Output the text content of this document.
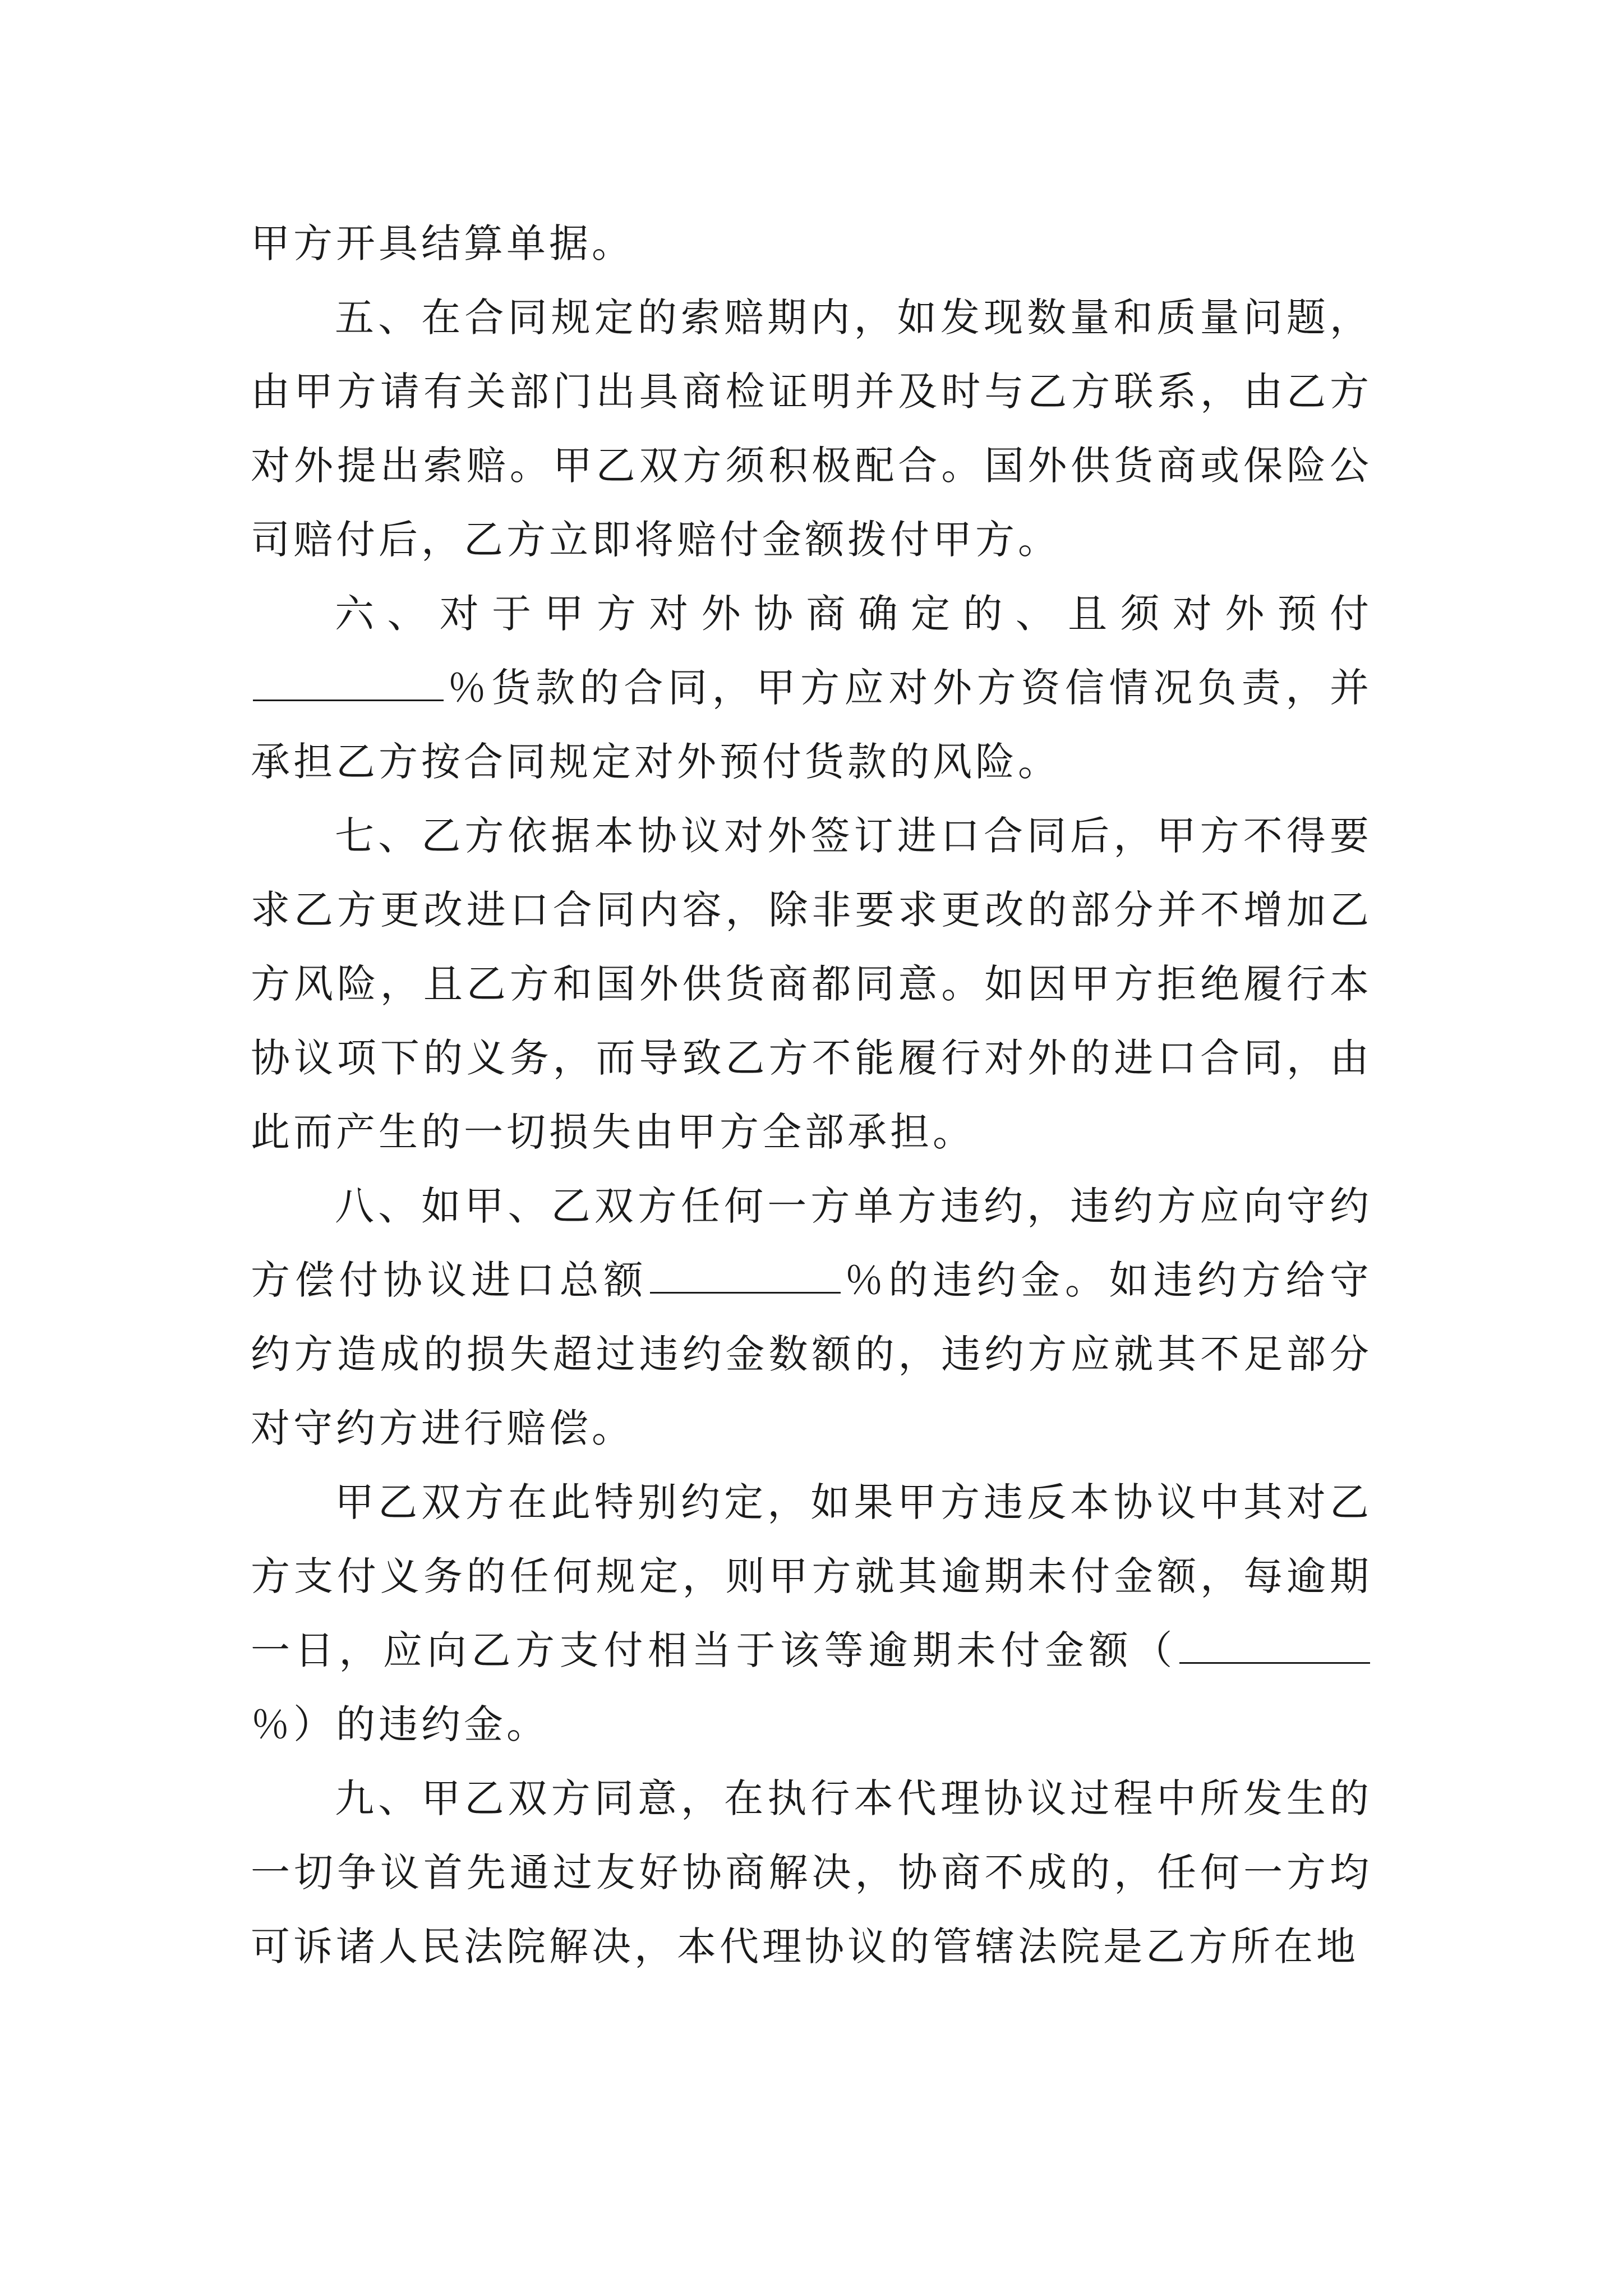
甲方开具结算单据。

五、在合同规定的索赔期内，如发现数量和质量问题，由甲方请有关部门出具商检证明并及时与乙方联系，由乙方对外提出索赔。甲乙双方须积极配合。国外供货商或保险公司赔付后，乙方立即将赔付金额拨付甲方。

六、对于甲方对外协商确定的、且须对外预付％货款的合同，甲方应对外方资信情况负责，并承担乙方按合同规定对外预付货款的风险。

七、乙方依据本协议对外签订进口合同后，甲方不得要求乙方更改进口合同内容，除非要求更改的部分并不增加乙方风险，且乙方和国外供货商都同意。如因甲方拒绝履行本协议项下的义务，而导致乙方不能履行对外的进口合同，由此而产生的一切损失由甲方全部承担。

八、如甲、乙双方任何一方单方违约，违约方应向守约方偿付协议进口总额	％的违约金。如违约方给守约方造成的损失超过违约金数额的，违约方应就其不足部分对守约方进行赔偿。

甲乙双方在此特别约定，如果甲方违反本协议中其对乙方支付义务的任何规定，则甲方就其逾期未付金额，每逾期一日，应向乙方支付相当于该等逾期未付金额（％）的违约金。

九、甲乙双方同意，在执行本代理协议过程中所发生的一切争议首先通过友好协商解决，协商不成的，任何一方均可诉诸人民法院解决，本代理协议的管辖法院是乙方所在地
